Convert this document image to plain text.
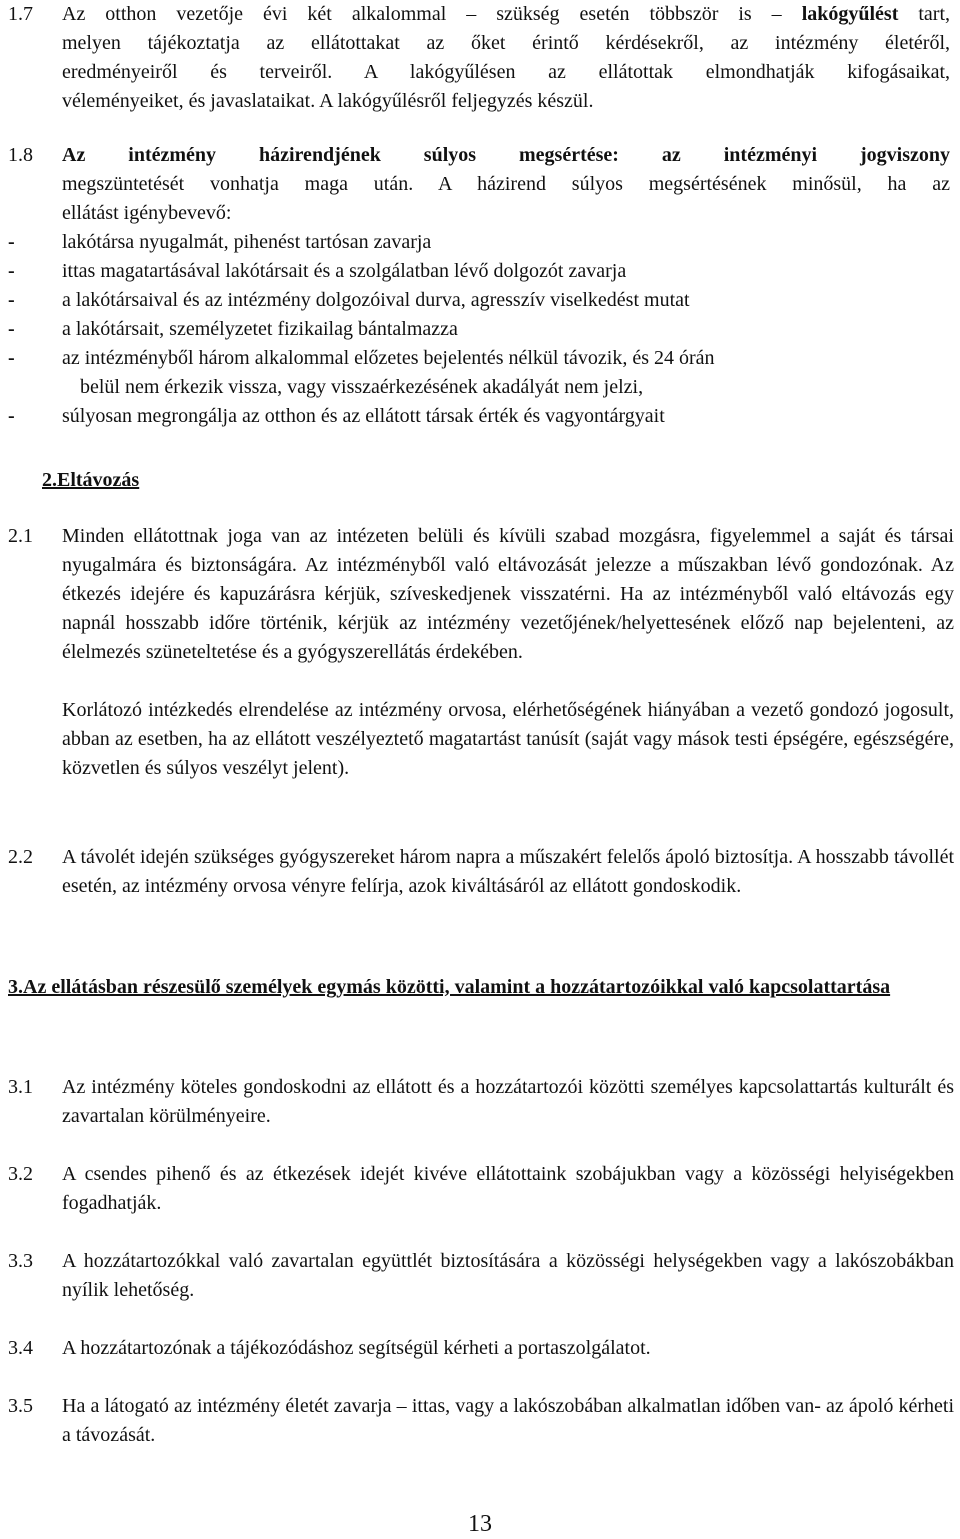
1.7 Az otthon vezetője évi két alkalommal – szükség esetén többször is – lakógyűlést tart,
melyen tájékoztatja az ellátottakat az őket érintő kérdésekről, az intézmény életéről,
eredményeiről és terveiről. A lakógyűlésen az ellátottak elmondhatják kifogásaikat,
véleményeiket, és javaslataikat. A lakógyűlésről feljegyzés készül.
1.8 Az intézmény házirendjének súlyos megsértése: az intézményi jogviszony
megszüntetését vonhatja maga után. A házirend súlyos megsértésének minősül, ha az
ellátást igénybevevő:
- lakótársa nyugalmát, pihenést tartósan zavarja
- ittas magatartásával lakótársait és a szolgálatban lévő dolgozót zavarja
- a lakótársaival és az intézmény dolgozóival durva, agresszív viselkedést mutat
- a lakótársait, személyzetet fizikailag bántalmazza
- az intézményből három alkalommal előzetes bejelentés nélkül távozik, és 24 órán
belül nem érkezik vissza, vagy visszaérkezésének akadályát nem jelzi,
- súlyosan megrongálja az otthon és az ellátott társak érték és vagyontárgyait
2.Eltávozás
2.1 Minden ellátottnak joga van az intézeten belüli és kívüli szabad mozgásra, figyelemmel a saját és társai nyugalmára és biztonságára. Az intézményből való eltávozását jelezze a műszakban lévő gondozónak. Az étkezés idejére és kapuzárásra kérjük, szíveskedjenek visszatérni. Ha az intézményből való eltávozás egy napnál hosszabb időre történik, kérjük az intézmény vezetőjének/helyettesének előző nap bejelenteni, az élelmezés szüneteltetése és a gyógyszerellátás érdekében.
Korlátozó intézkedés elrendelése az intézmény orvosa, elérhetőségének hiányában a vezető gondozó jogosult, abban az esetben, ha az ellátott veszélyeztető magatartást tanúsít (saját vagy mások testi épségére, egészségére, közvetlen és súlyos veszélyt jelent).
2.2 A távolét idején szükséges gyógyszereket három napra a műszakért felelős ápoló biztosítja. A hosszabb távollét esetén, az intézmény orvosa vényre felírja, azok kiváltásáról az ellátott gondoskodik.
3.Az ellátásban részesülő személyek egymás közötti, valamint a hozzátartozóikkal való kapcsolattartása
3.1 Az intézmény köteles gondoskodni az ellátott és a hozzátartozói közötti személyes kapcsolattartás kulturált és zavartalan körülményeire.
3.2 A csendes pihenő és az étkezések idejét kivéve ellátottaink szobájukban vagy a közösségi helyiségekben fogadhatják.
3.3 A hozzátartozókkal való zavartalan együttlét biztosítására a közösségi helységekben vagy a lakószobákban nyílik lehetőség.
3.4 A hozzátartozónak a tájékozódáshoz segítségül kérheti a portaszolgálatot.
3.5 Ha a látogató az intézmény életét zavarja – ittas, vagy a lakószobában alkalmatlan időben van- az ápoló kérheti a távozását.
13
